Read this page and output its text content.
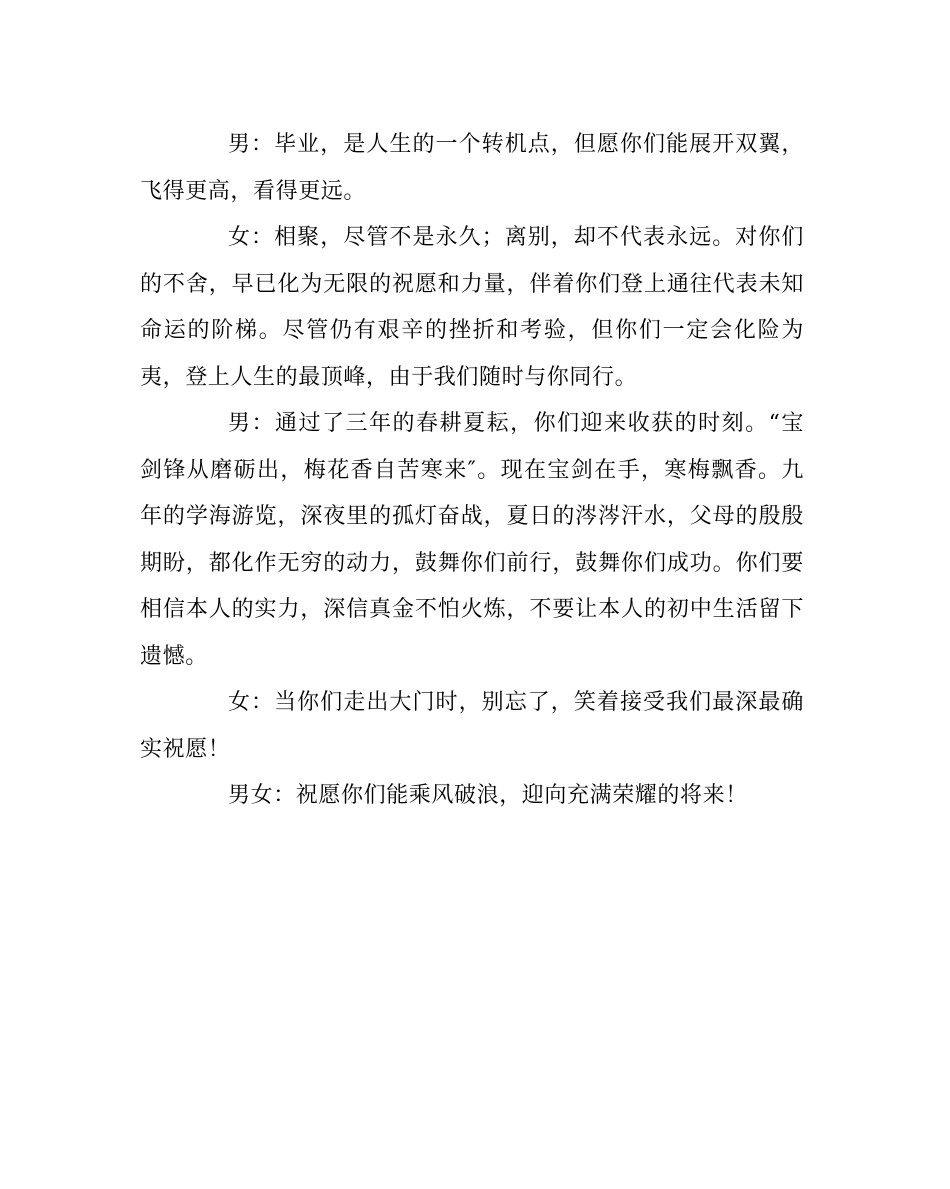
男：毕业，是人生的一个转机点，但愿你们能展开双翼，飞得更高，看得更远。

女：相聚，尽管不是永久；离别，却不代表永远。对你们的不舍，早已化为无限的祝愿和力量，伴着你们登上通往代表未知命运的阶梯。尽管仍有艰辛的挫折和考验，但你们一定会化险为夷，登上人生的最顶峰，由于我们随时与你同行。

男：通过了三年的春耕夏耘，你们迎来收获的时刻。“宝剑锋从磨砺出，梅花香自苦寒来″。现在宝剑在手，寒梅飘香。九年的学海游览，深夜里的孤灯奋战，夏日的涔涔汗水，父母的殷殷期盼，都化作无穷的动力，鼓舞你们前行，鼓舞你们成功。你们要相信本人的实力，深信真金不怕火炼，不要让本人的初中生活留下遗憾。

女：当你们走出大门时，别忘了，笑着接受我们最深最确实祝愿！

男女：祝愿你们能乘风破浪，迎向充满荣耀的将来！
